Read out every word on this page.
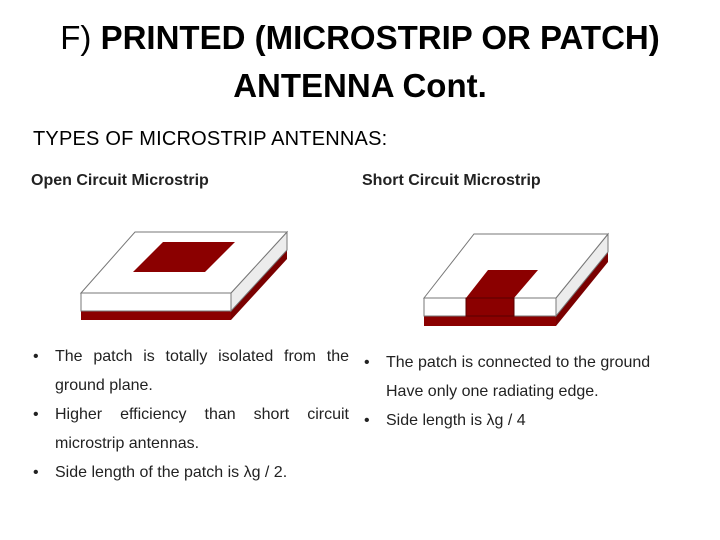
F) PRINTED (MICROSTRIP OR PATCH)
ANTENNA Cont.
TYPES OF MICROSTRIP ANTENNAS:
Open Circuit Microstrip	Short Circuit Microstrip
• The patch is totally isolated from the
ground plane.
• Higher efficiency than short circuit
microstrip antennas.
• Side length of the patch is λg / 2.
• The patch is connected to the ground
Have only one radiating edge.
• Side length is λg / 4
